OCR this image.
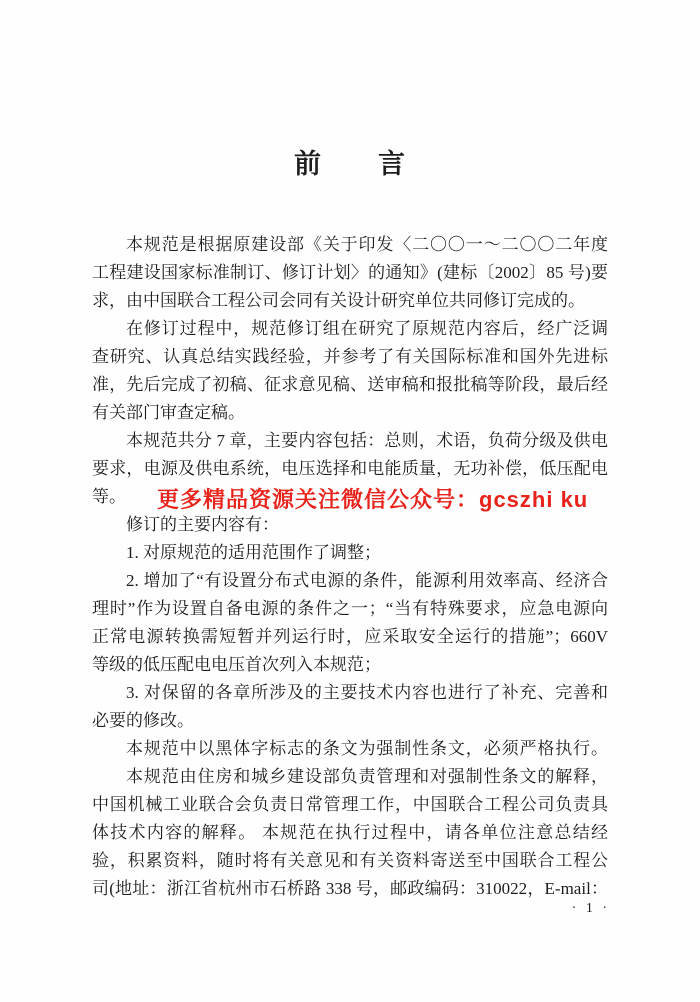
前　　言
本规范是根据原建设部《关于印发〈二〇〇一～二〇〇二年度
工程建设国家标准制订、修订计划〉的通知》(建标〔2002〕85 号)要
求，由中国联合工程公司会同有关设计研究单位共同修订完成的。
在修订过程中，规范修订组在研究了原规范内容后，经广泛调
查研究、认真总结实践经验，并参考了有关国际标准和国外先进标
准，先后完成了初稿、征求意见稿、送审稿和报批稿等阶段，最后经
有关部门审查定稿。
本规范共分 7 章，主要内容包括：总则，术语，负荷分级及供电
要求，电源及供电系统，电压选择和电能质量，无功补偿，低压配电
等。
修订的主要内容有：
1. 对原规范的适用范围作了调整；
2. 增加了“有设置分布式电源的条件，能源利用效率高、经济合
理时”作为设置自备电源的条件之一；“当有特殊要求，应急电源向
正常电源转换需短暂并列运行时，应采取安全运行的措施”；660V
等级的低压配电电压首次列入本规范；
3. 对保留的各章所涉及的主要技术内容也进行了补充、完善和
必要的修改。
本规范中以黑体字标志的条文为强制性条文，必须严格执行。
本规范由住房和城乡建设部负责管理和对强制性条文的解释，
中国机械工业联合会负责日常管理工作，中国联合工程公司负责具
体技术内容的解释。 本规范在执行过程中，请各单位注意总结经
验，积累资料，随时将有关意见和有关资料寄送至中国联合工程公
司(地址：浙江省杭州市石桥路 338 号，邮政编码：310022，E-mail：
更多精品资源关注微信公众号：gcszhi ku
· 1 ·
